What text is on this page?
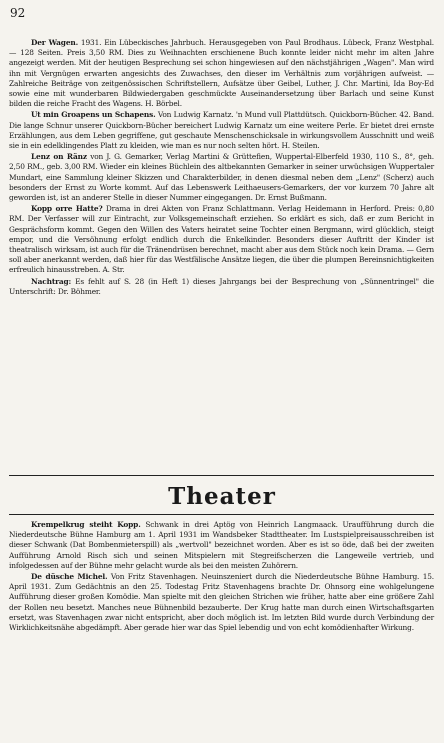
92

Der Wagen. 1931. Ein Lübeckisches Jahrbuch. Herausgegeben von Paul Brodhaus. Lübeck, Franz Westphal. — 128 Seiten. Preis 3,50 RM. Dies zu Weihnachten erschienene Buch konnte leider nicht mehr im alten Jahre angezeigt werden. Mit der heutigen Besprechung sei schon hingewiesen auf den nächstjährigen „Wagen". Man wird ihn mit Vergnügen erwarten angesichts des Zuwachses, den dieser im Verhältnis zum vorjährigen aufweist. — Zahlreiche Beiträge von zeitgenössischen Schriftstellern, Aufsätze über Geibel, Luther, J. Chr. Martini, Ida Boy-Ed sowie eine mit wunderbaren Bildwiedergaben geschmückte Auseinandersetzung über Barlach und seine Kunst bilden die reiche Fracht des Wagens. H. Börbel.

Ut min Groapens un Schapens. Von Ludwig Karnatz. 'n Mund vull Plattdütsch. Quickborn-Bücher. 42. Band. Die lange Schnur unserer Quickborn-Bücher bereichert Ludwig Karnatz um eine weitere Perle. Er bietet drei ernste Erzählungen, aus dem Leben gegriffene, gut geschaute Menschenschicksale in wirkungsvollem Ausschnitt und weiß sie in ein edelklingendes Platt zu kleiden, wie man es nur noch selten hört. H. Steilen.

Lenz on Ränz von J. G. Gemarker, Verlag Martini & Grüttefien, Wuppertal-Elberfeld 1930, 110 S., 8°, geh. 2,50 RM., geb. 3,00 RM. Wieder ein kleines Büchlein des altbekannten Gemarker in seiner urwüchsigen Wuppertaler Mundart, eine Sammlung kleiner Skizzen und Charakterbilder, in denen diesmal neben dem „Lenz" (Scherz) auch besonders der Ernst zu Worte kommt. Auf das Lebenswerk Leithaeusers-Gemarkers, der vor kurzem 70 Jahre alt geworden ist, ist an anderer Stelle in dieser Nummer eingegangen. Dr. Ernst Bußmann.

Kopp orre Hatte? Drama in drei Akten von Franz Schlattmann. Verlag Heidemann in Herford. Preis: 0,80 RM. Der Verfasser will zur Eintracht, zur Volksgemeinschaft erziehen. So erklärt es sich, daß er zum Bericht in Gesprächsform kommt. Gegen den Willen des Vaters heiratet seine Tochter einen Bergmann, wird glücklich, steigt empor, und die Versöhnung erfolgt endlich durch die Enkelkinder. Besonders dieser Auftritt der Kinder ist theatralisch wirksam, ist auch für die Tränendrüsen berechnet, macht aber aus dem Stück noch kein Drama. — Gern soll aber anerkannt werden, daß hier für das Westfälische Ansätze liegen, die über die plumpen Bereinsnichtigkeiten erfreulich hinausstreben. A. Str.

Nachtrag: Es fehlt auf S. 28 (in Heft 1) dieses Jahrgangs bei der Besprechung von „Sünnentringel" die Unterschrift: Dr. Böhmer.

Theater

Krempelkrug steiht Kopp. Schwank in drei Aptög von Heinrich Langmaack. Uraufführung durch die Niederdeutsche Bühne Hamburg am 1. April 1931 im Wandsbeker Stadttheater. Im Lustspielpreisausschreiben ist dieser Schwank (Dat Bombenmieterspill) als „wertvoll" bezeichnet worden. Aber es ist so öde, daß bei der zweiten Aufführung Arnold Risch sich und seinen Mitspielern mit Stegreifscherzen die Langeweile vertrieb, und infolgedessen auf der Bühne mehr gelacht wurde als bei den meisten Zuhörern.

De düsche Michel. Von Fritz Stavenhagen. Neuinszeniert durch die Niederdeutsche Bühne Hamburg. 15. April 1931. Zum Gedächtnis an den 25. Todestag Fritz Stavenhagens brachte Dr. Ohnsorg eine wohlgelungene Aufführung dieser großen Komödie. Man spielte mit den gleichen Strichen wie früher, hatte aber eine größere Zahl der Rollen neu besetzt. Manches neue Bühnenbild bezauberte. Der Krug hatte man durch einen Wirtschaftsgarten ersetzt, was Stavenhagen zwar nicht entspricht, aber doch möglich ist. Im letzten Bild wurde durch Verbindung der Wirklichkeitsnähe abgedämpft. Aber gerade hier war das Spiel lebendig und von echt komödienhafter Wirkung.
